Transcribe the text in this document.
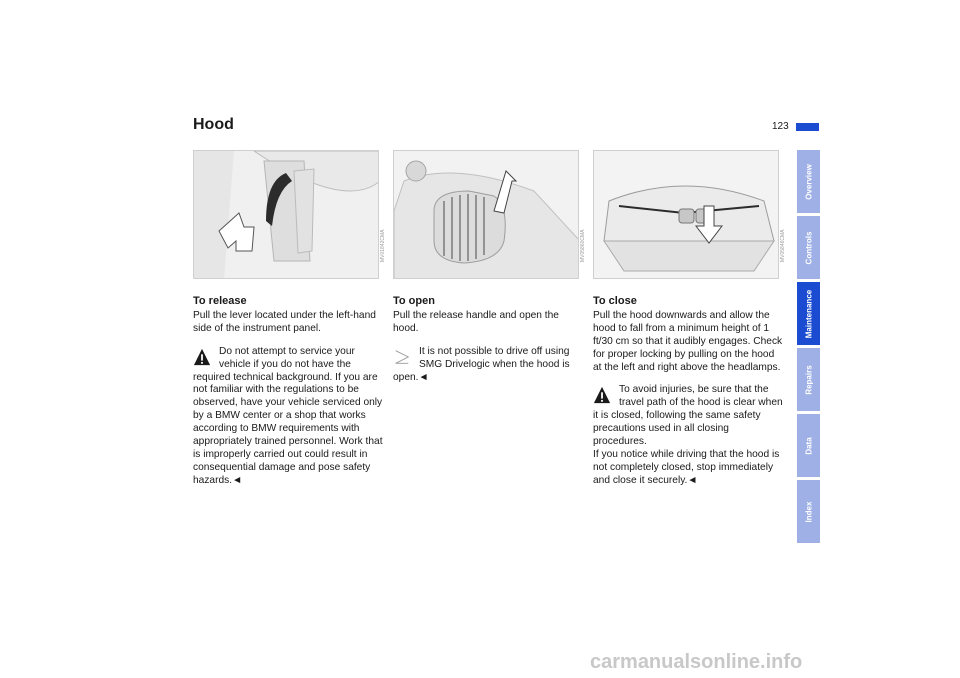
Hood	123
MV01842CMA	MV05860CMA	MV05846CMA

To release

Pull the lever located under the left-hand side of the instrument panel.

Do not attempt to service your vehicle if you do not have the required technical background. If you are not familiar with the regulations to be observed, have your vehicle serviced only by a BMW center or a shop that works according to BMW requirements with appropriately trained personnel. Work that is improperly carried out could result in consequential damage and pose safety hazards.◄

To open

Pull the release handle and open the hood.

It is not possible to drive off using SMG Drivelogic when the hood is open.◄

To close

Pull the hood downwards and allow the hood to fall from a minimum height of 1 ft/30 cm so that it audibly engages. Check for proper locking by pulling on the hood at the left and right above the headlamps.

To avoid injuries, be sure that the travel path of the hood is clear when it is closed, following the same safety precautions used in all closing procedures.

If you notice while driving that the hood is not completely closed, stop immediately and close it securely.◄

Overview
Controls
Maintenance
Repairs
Data
Index
carmanualsonline.info
